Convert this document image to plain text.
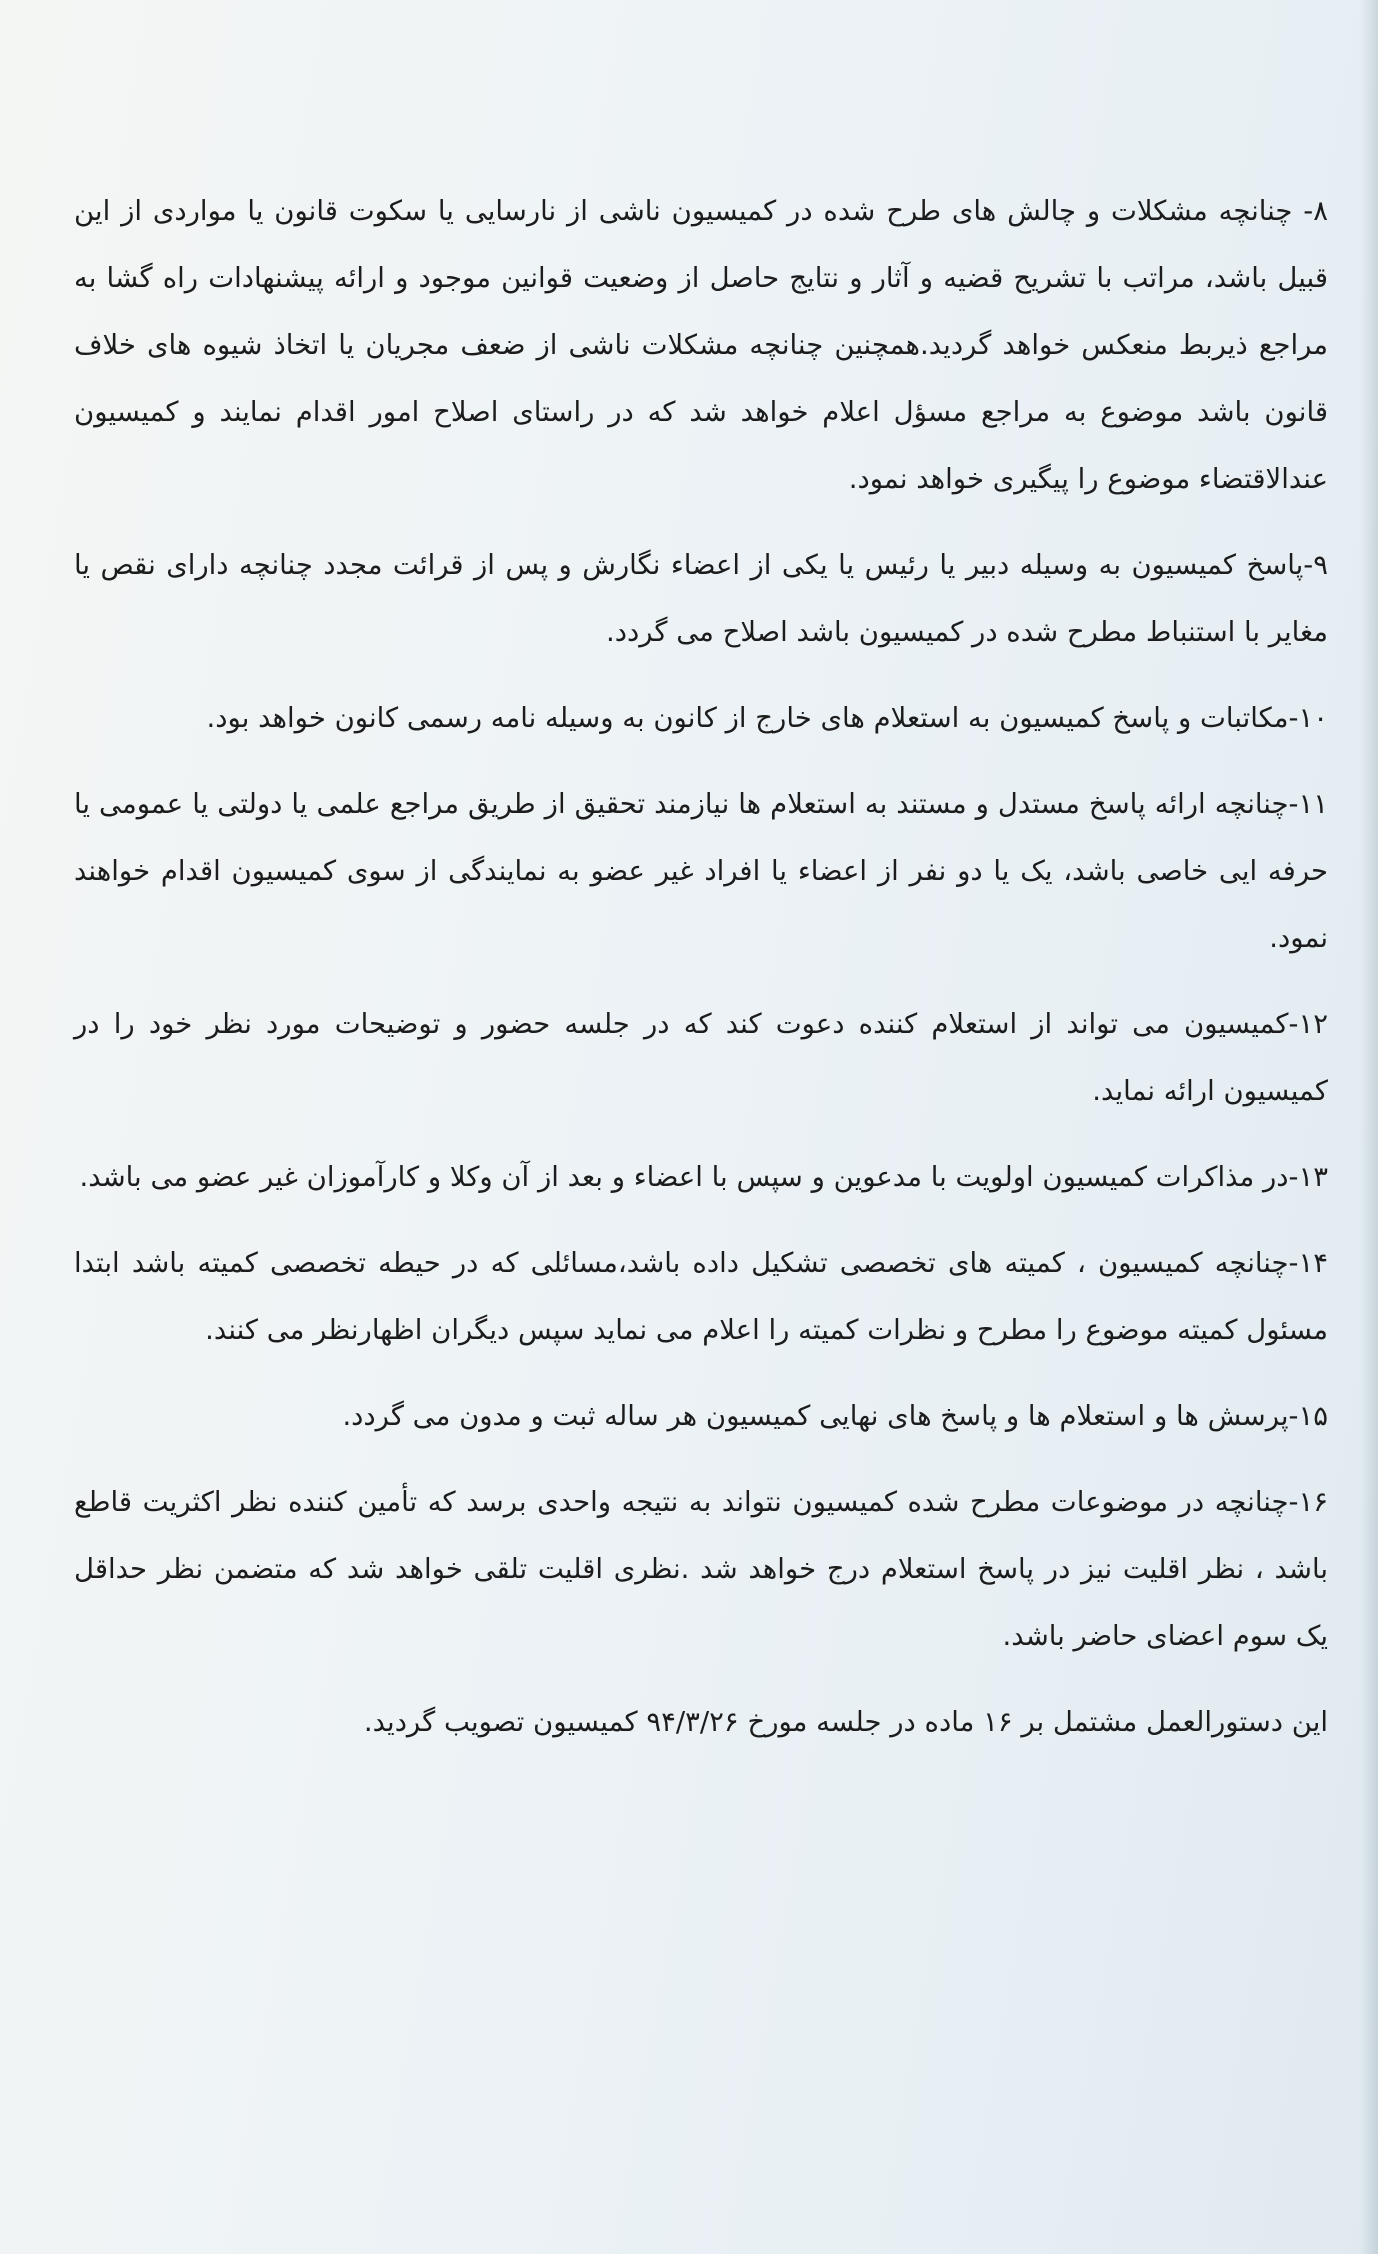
۸- چنانچه مشکلات و چالش های طرح شده در کمیسیون ناشی از نارسایی یا سکوت قانون یا مواردی از این قبیل باشد، مراتب با تشریح قضیه و آثار و نتایج حاصل از وضعیت قوانین موجود و ارائه پیشنهادات راه گشا به مراجع ذیربط منعکس خواهد گردید.همچنین چنانچه مشکلات ناشی از ضعف مجریان یا اتخاذ شیوه های خلاف قانون باشد موضوع به مراجع مسؤل اعلام خواهد شد که در راستای اصلاح امور اقدام نمایند و کمیسیون عندالاقتضاء موضوع را پیگیری خواهد نمود.

۹-پاسخ کمیسیون به وسیله دبیر یا رئیس یا یکی از اعضاء نگارش و پس از قرائت مجدد چنانچه دارای نقص یا مغایر با استنباط مطرح شده در کمیسیون باشد اصلاح می گردد.

۱۰-مکاتبات و پاسخ کمیسیون به استعلام های خارج از کانون به وسیله نامه رسمی کانون خواهد بود.

۱۱-چنانچه ارائه پاسخ مستدل و مستند به استعلام ها نیازمند تحقیق از طریق مراجع علمی یا دولتی یا عمومی یا حرفه ایی خاصی باشد، یک یا دو نفر از اعضاء یا افراد غیر عضو به نمایندگی از سوی کمیسیون اقدام خواهند نمود.

۱۲-کمیسیون می تواند از استعلام کننده دعوت کند که در جلسه حضور و توضیحات مورد نظر خود را در کمیسیون ارائه نماید.

۱۳-در مذاکرات کمیسیون اولویت با مدعوین و سپس با اعضاء و بعد از آن وکلا و کارآموزان غیر عضو می باشد.

۱۴-چنانچه کمیسیون ، کمیته های تخصصی تشکیل داده باشد،مسائلی که در حیطه تخصصی کمیته باشد ابتدا مسئول کمیته موضوع را مطرح و نظرات کمیته را اعلام می نماید سپس دیگران اظهارنظر می کنند.

۱۵-پرسش ها و استعلام ها و پاسخ های نهایی کمیسیون هر ساله ثبت و مدون می گردد.

۱۶-چنانچه در موضوعات مطرح شده کمیسیون نتواند به نتیجه واحدی برسد که تأمین کننده نظر اکثریت قاطع باشد ، نظر اقلیت نیز در پاسخ استعلام درج خواهد شد .نظری اقلیت تلقی خواهد شد که متضمن نظر حداقل یک سوم اعضای حاضر باشد.

این دستورالعمل مشتمل بر ۱۶ ماده در جلسه مورخ ۹۴/۳/۲۶ کمیسیون تصویب گردید.
